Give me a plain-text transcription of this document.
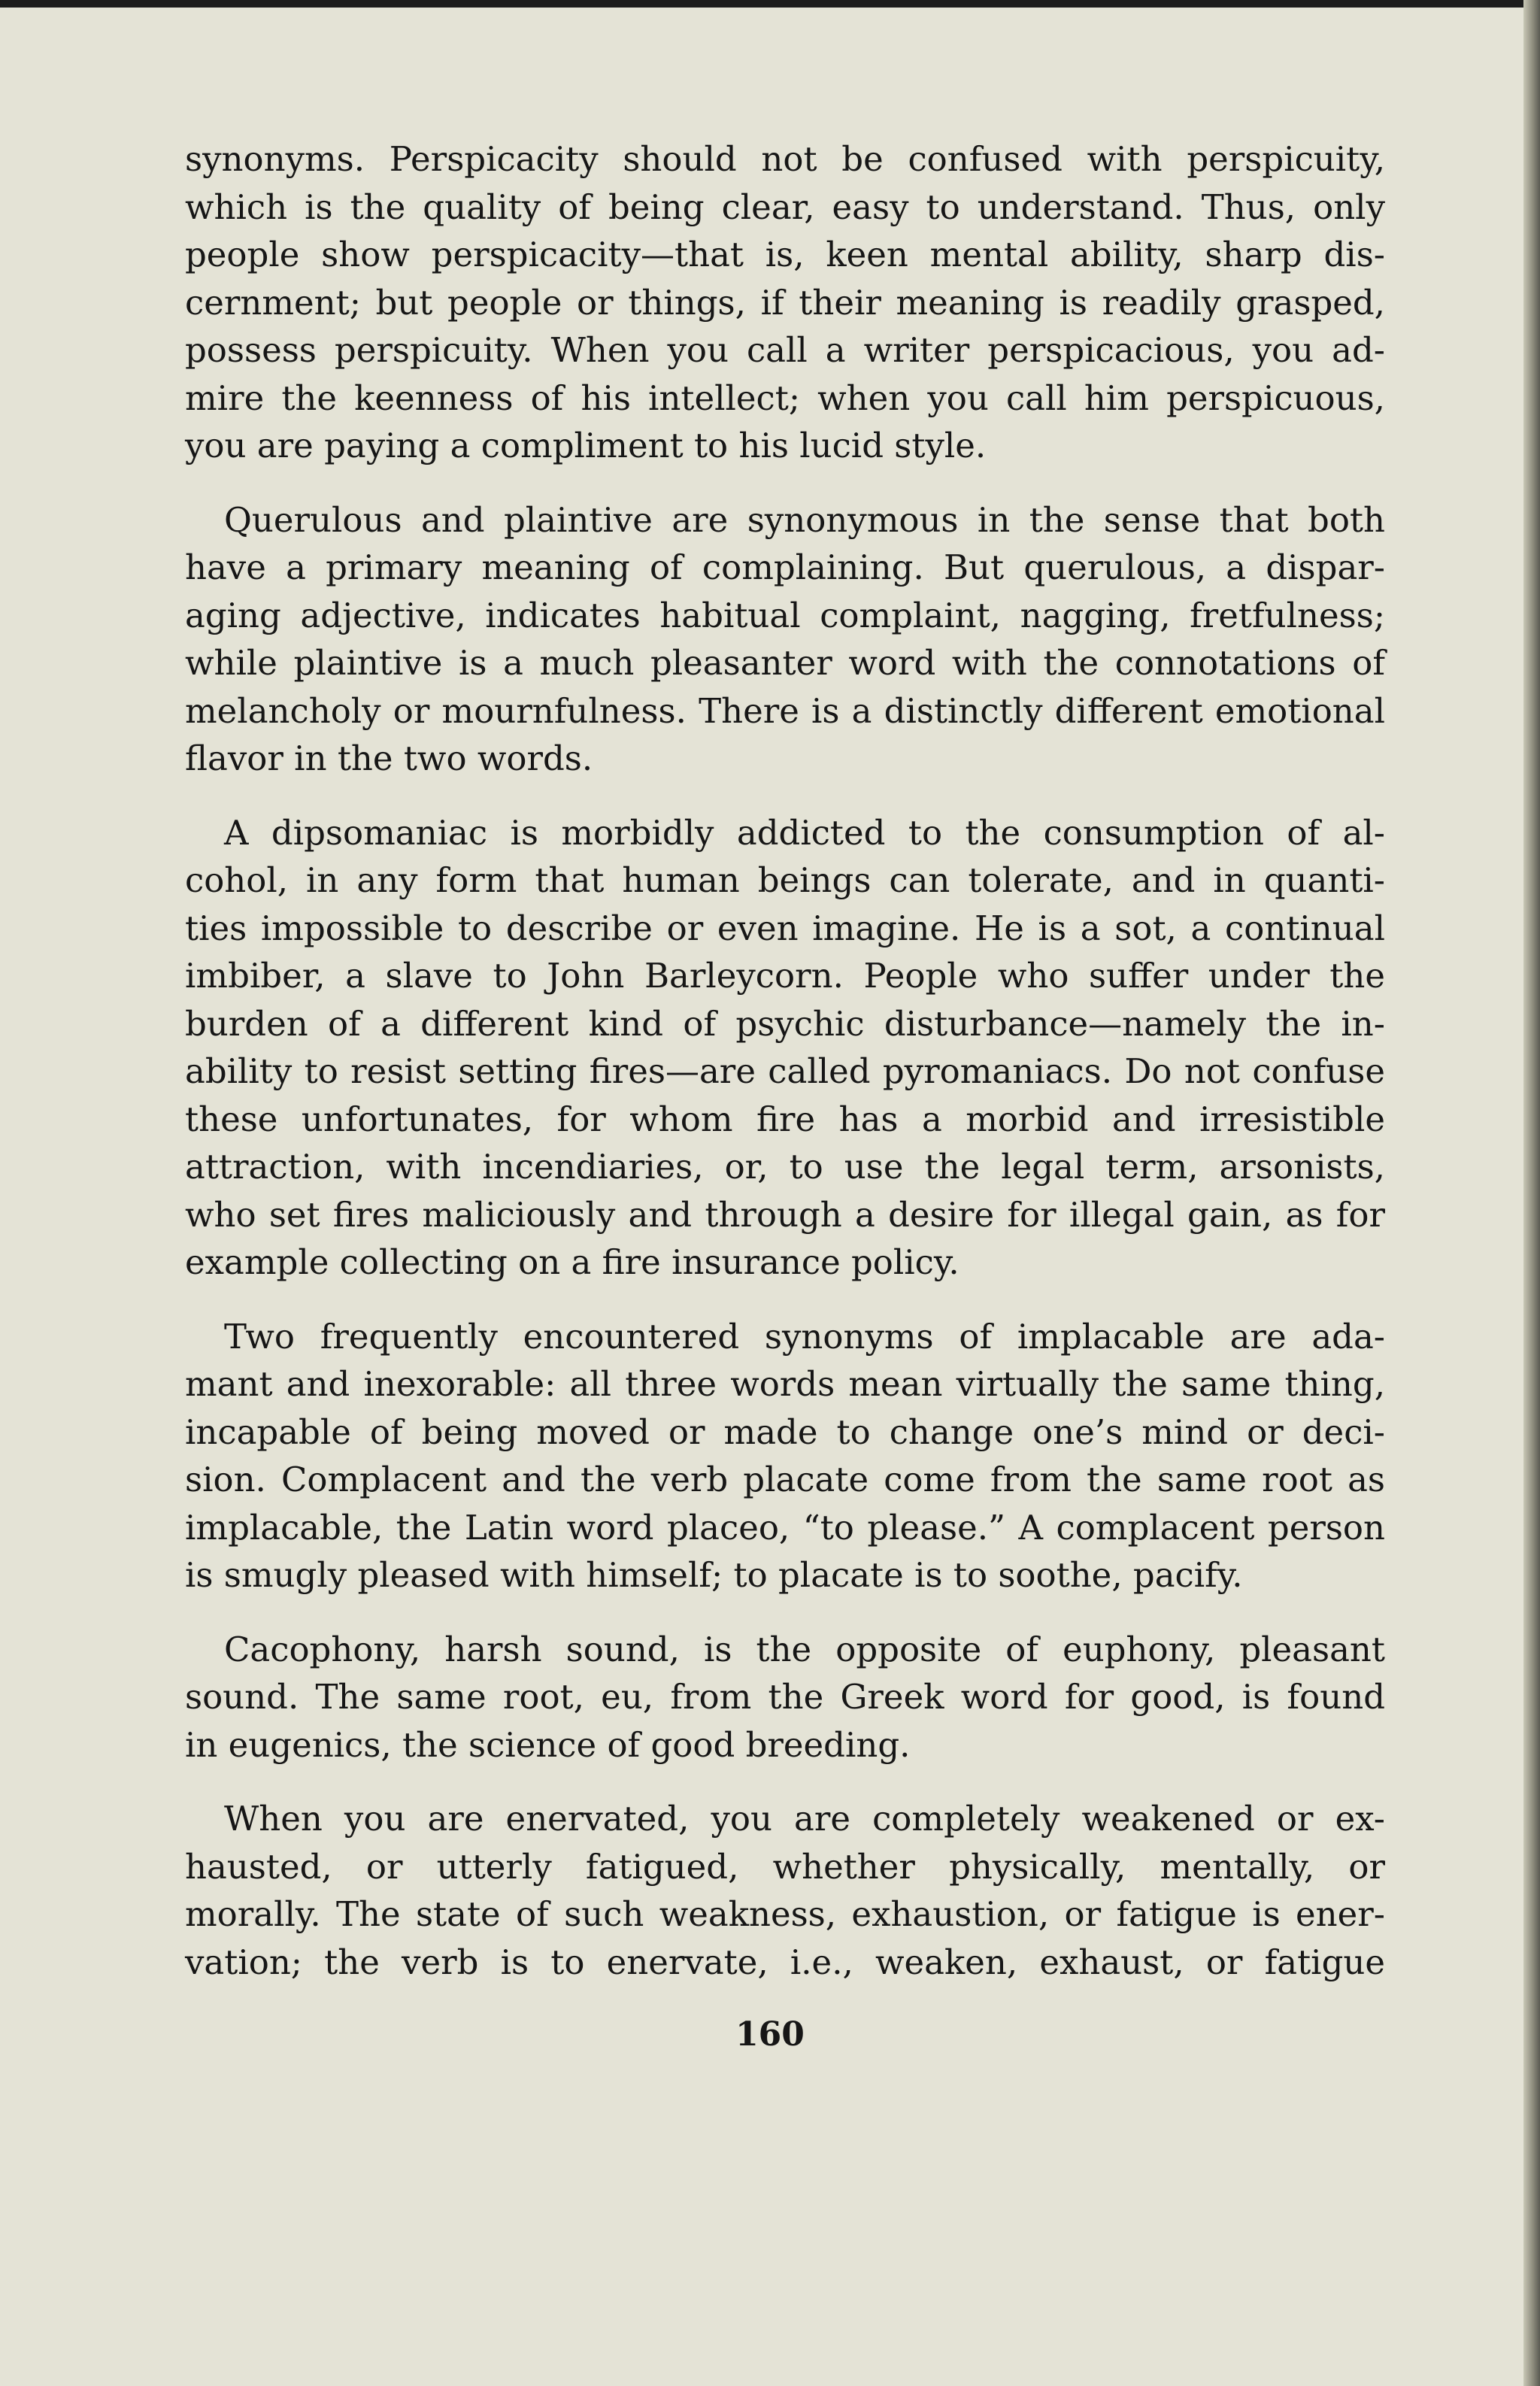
synonyms. Perspicacity should not be confused with perspicuity,
which is the quality of being clear, easy to understand. Thus, only
people show perspicacity—that is, keen mental ability, sharp dis-
cernment; but people or things, if their meaning is readily grasped,
possess perspicuity. When you call a writer perspicacious, you ad-
mire the keenness of his intellect; when you call him perspicuous,
you are paying a compliment to his lucid style.

Querulous and plaintive are synonymous in the sense that both
have a primary meaning of complaining. But querulous, a dispar-
aging adjective, indicates habitual complaint, nagging, fretfulness;
while plaintive is a much pleasanter word with the connotations of
melancholy or mournfulness. There is a distinctly different emotional
flavor in the two words.

A dipsomaniac is morbidly addicted to the consumption of al-
cohol, in any form that human beings can tolerate, and in quanti-
ties impossible to describe or even imagine. He is a sot, a continual
imbiber, a slave to John Barleycorn. People who suffer under the
burden of a different kind of psychic disturbance—namely the in-
ability to resist setting fires—are called pyromaniacs. Do not confuse
these unfortunates, for whom fire has a morbid and irresistible
attraction, with incendiaries, or, to use the legal term, arsonists,
who set fires maliciously and through a desire for illegal gain, as for
example collecting on a fire insurance policy.

Two frequently encountered synonyms of implacable are ada-
mant and inexorable: all three words mean virtually the same thing,
incapable of being moved or made to change one’s mind or deci-
sion. Complacent and the verb placate come from the same root as
implacable, the Latin word placeo, “to please.” A complacent person
is smugly pleased with himself; to placate is to soothe, pacify.

Cacophony, harsh sound, is the opposite of euphony, pleasant
sound. The same root, eu, from the Greek word for good, is found
in eugenics, the science of good breeding.

When you are enervated, you are completely weakened or ex-
hausted, or utterly fatigued, whether physically, mentally, or
morally. The state of such weakness, exhaustion, or fatigue is ener-
vation; the verb is to enervate, i.e., weaken, exhaust, or fatigue

160
